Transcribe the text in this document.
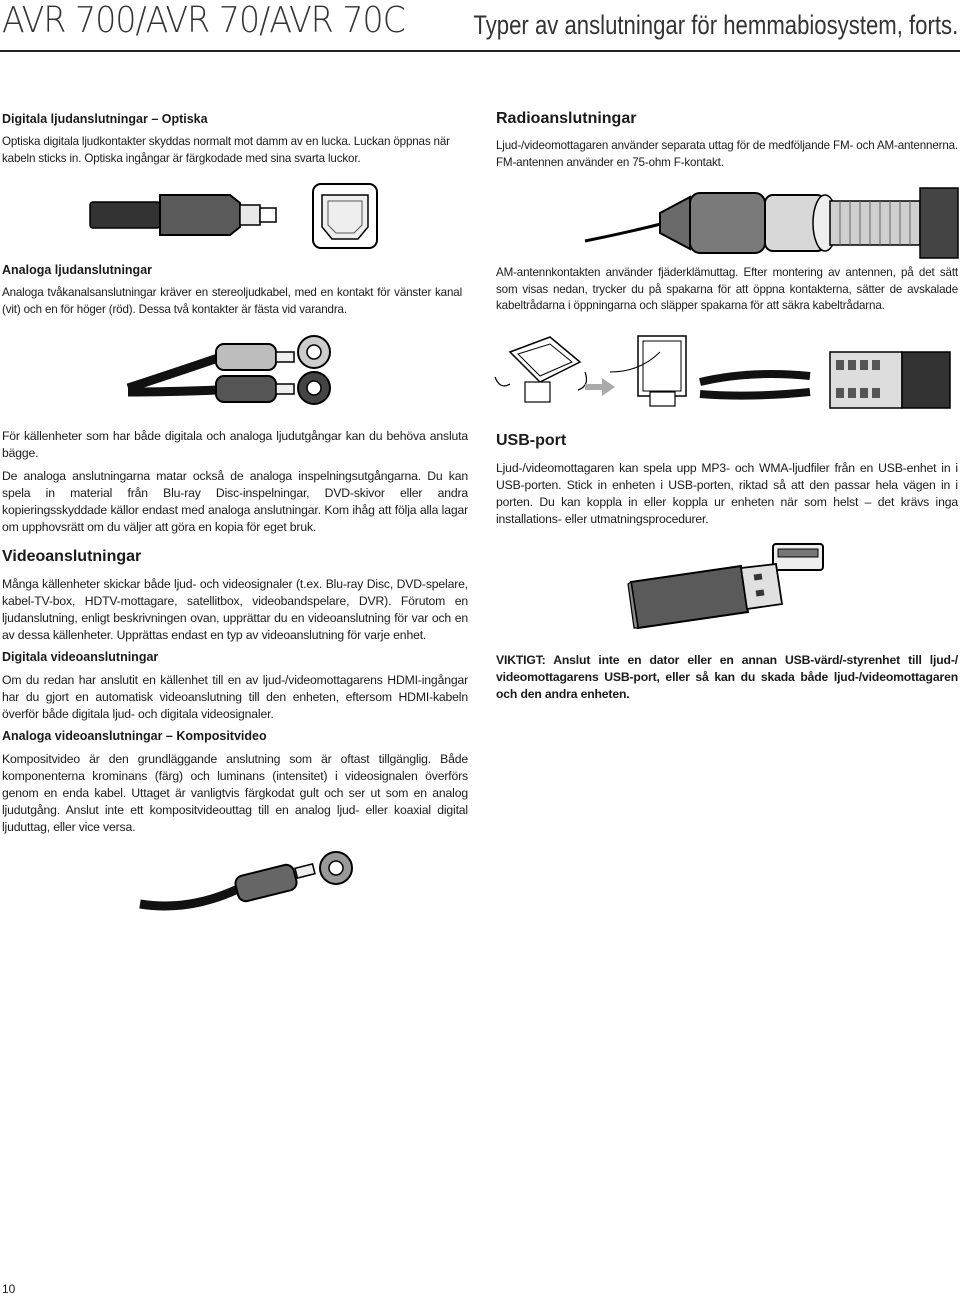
AVR 700/AVR 70/AVR 70C	Typer av anslutningar för hemmabiosystem, forts.
Digitala ljudanslutningar – Optiska

Optiska digitala ljudkontakter skyddas normalt mot damm av en lucka. Luckan öppnas när kabeln sticks in. Optiska ingångar är färgkodade med sina svarta luckor.

Radioanslutningar

Ljud-/videomottagaren använder separata uttag för de medföljande FM- och AM-antennerna. FM-antennen använder en 75-ohm F-kontakt.

Analoga ljudanslutningar

Analoga tvåkanalsanslutningar kräver en stereoljudkabel, med en kontakt för vänster kanal (vit) och en för höger (röd). Dessa två kontakter är fästa vid varandra.

AM-antennkontakten använder fjäderklämuttag. Efter montering av antennen, på det sätt som visas nedan, trycker du på spakarna för att öppna kontakterna, sätter de avskalade kabeltrådarna i öppningarna och släpper spakarna för att säkra kabeltrådarna.

För källenheter som har både digitala och analoga ljudutgångar kan du behöva ansluta bägge.

De analoga anslutningarna matar också de analoga inspelningsutgångarna. Du kan spela in material från Blu-ray Disc-inspelningar, DVD-skivor eller andra kopieringsskyddade källor endast med analoga anslutningar. Kom ihåg att följa alla lagar om upphovsrätt om du väljer att göra en kopia för eget bruk.

Videoanslutningar

Många källenheter skickar både ljud- och videosignaler (t.ex. Blu-ray Disc, DVD-spelare, kabel-TV-box, HDTV-mottagare, satellitbox, videobandspelare, DVR). Förutom en ljudanslutning, enligt beskrivningen ovan, upprättar du en videoanslutning för var och en av dessa källenheter. Upprättas endast en typ av videoanslutning för varje enhet.

Digitala videoanslutningar

Om du redan har anslutit en källenhet till en av ljud-/videomottagarens HDMI-ingångar har du gjort en automatisk videoanslutning till den enheten, eftersom HDMI-kabeln överför både digitala ljud- och digitala videosignaler.

Analoga videoanslutningar – Kompositvideo

Kompositvideo är den grundläggande anslutning som är oftast tillgänglig. Både komponenterna krominans (färg) och luminans (intensitet) i videosignalen överförs genom en enda kabel. Uttaget är vanligtvis färgkodat gult och ser ut som en analog ljudutgång. Anslut inte ett kompositvideouttag till en analog ljud- eller koaxial digital ljuduttag, eller vice versa.

USB-port

Ljud-/videomottagaren kan spela upp MP3- och WMA-ljudfiler från en USB-enhet in i USB-porten. Stick in enheten i USB-porten, riktad så att den passar hela vägen in i porten. Du kan koppla in eller koppla ur enheten när som helst – det krävs inga installations- eller utmatningsprocedurer.

VIKTIGT: Anslut inte en dator eller en annan USB-värd/-styrenhet till ljud-/ videomottagarens USB-port, eller så kan du skada både ljud-/videomottagaren och den andra enheten.

10
